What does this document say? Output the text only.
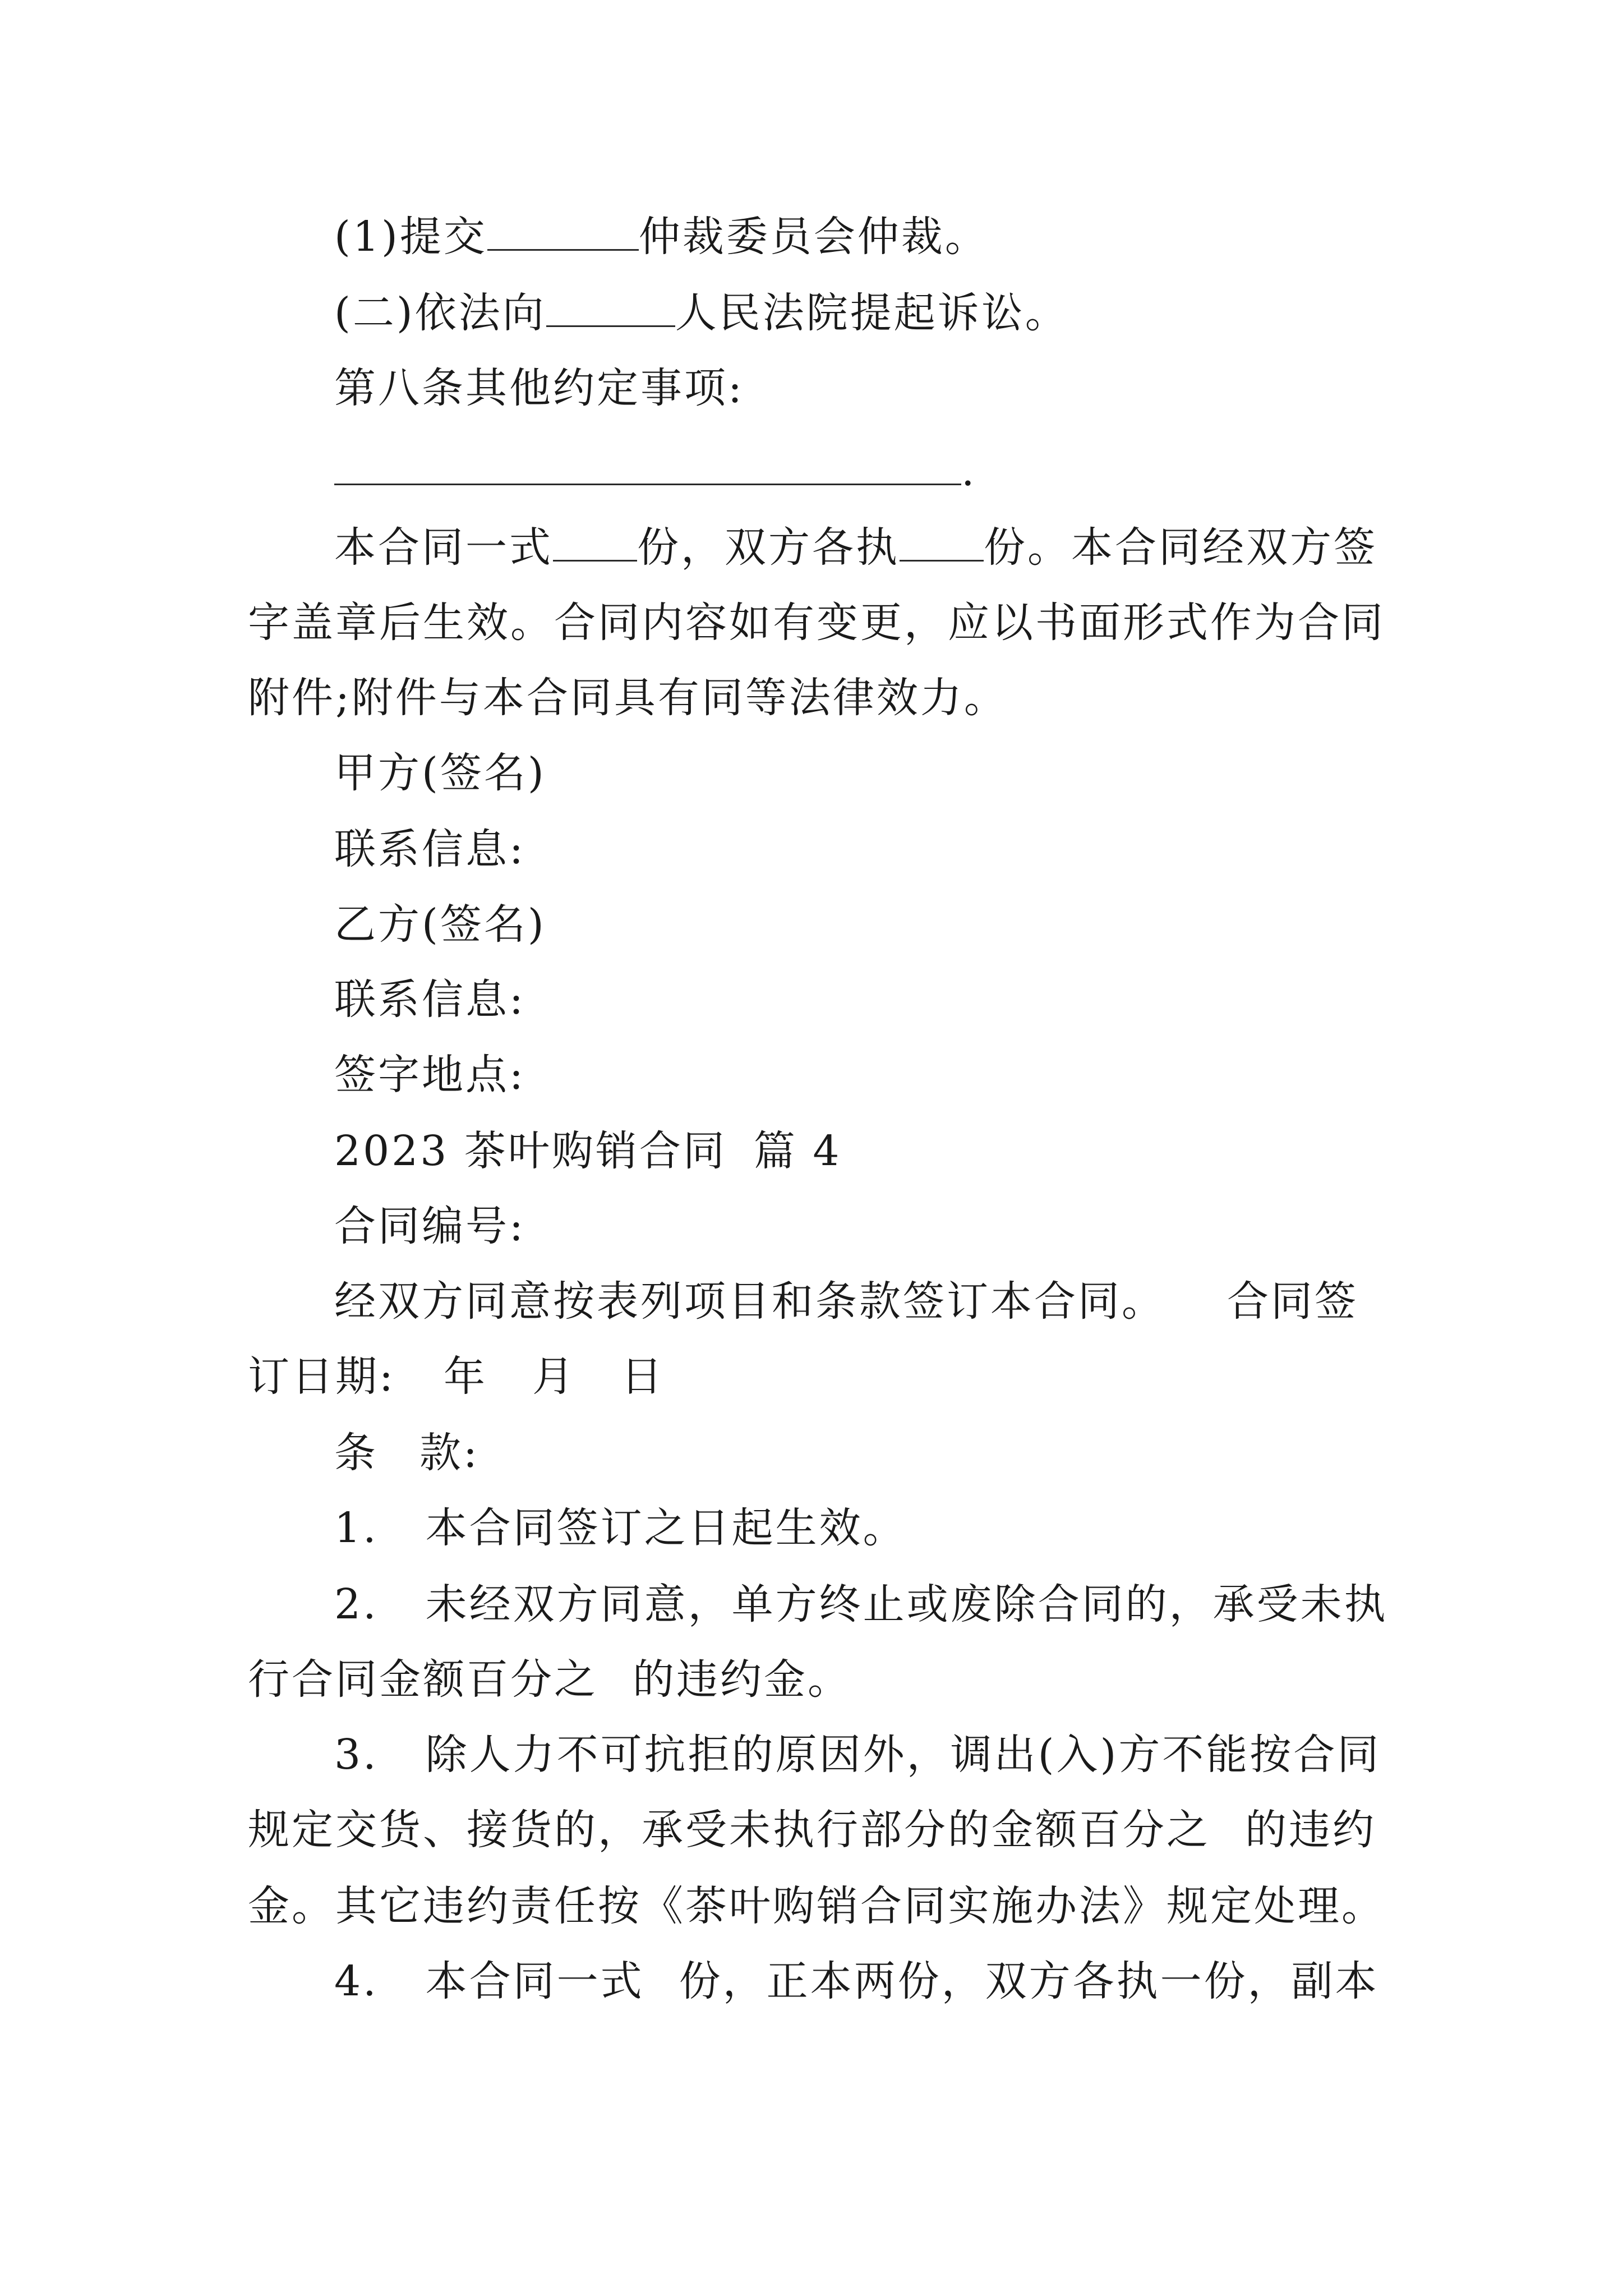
(1)提交	仲裁委员会仲裁。
(二)依法向	人民法院提起诉讼。
第八条其他约定事项:
.
本合同一式 份，双方各执 份。本合同经双方签
字盖章后生效。合同内容如有变更，应以书面形式作为合同
附件;附件与本合同具有同等法律效力。
甲方(签名)
联系信息:
乙方(签名)
联系信息:
签字地点:
2023 茶叶购销合同 篇 4
合同编号:
经双方同意按表列项目和条款签订本合同。 合同签
订日期: 年 月 日
条 款:
1. 本合同签订之日起生效。
2. 未经双方同意，单方终止或废除合同的，承受未执
行合同金额百分之 的违约金。
3. 除人力不可抗拒的原因外，调出(入)方不能按合同
规定交货、接货的，承受未执行部分的金额百分之 的违约
金。其它违约责任按《茶叶购销合同实施办法》规定处理。
4. 本合同一式 份，正本两份，双方各执一份，副本
